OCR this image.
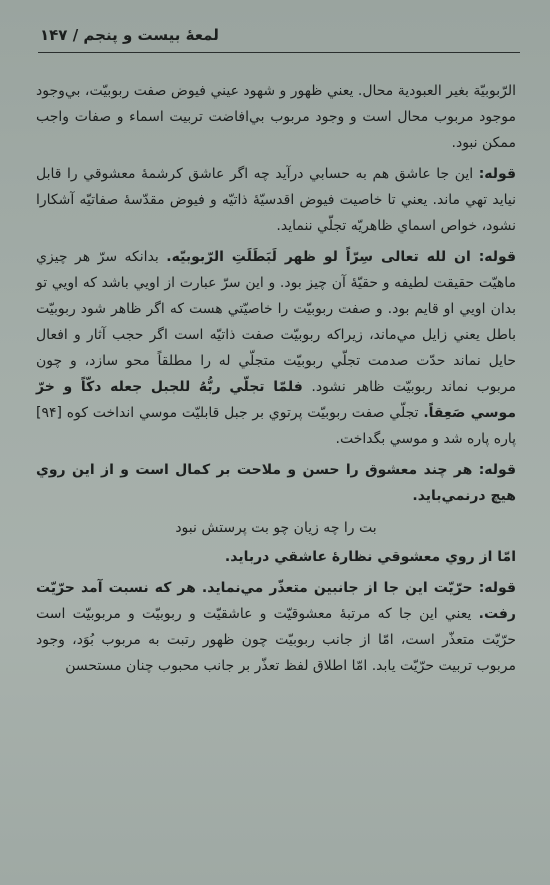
لمعهٔ بیست و پنجم / ۱۴۷

الرّبوبيّة بغير العبودية محال. يعني ظهور و شهود عيني فيوض صفت ربوبيّت، بي‌وجود موجود مربوب محال است و وجود مربوب بي‌افاضت تربيت اسماء و صفات واجب ممكن نبود.

قوله: اين جا عاشق هم به حسابي درآيد چه اگر عاشق كرشمهٔ معشوقي را قابل نيايد تهي ماند. يعني تا خاصيت فيوض اقدسيّهٔ ذاتيّه و فيوض مقدّسهٔ صفاتيّه آشكارا نشود، خواص اسماي ظاهريّه تجلّي ننمايد.

قوله: ان لله تعالى سِرّاً لو ظهر لَبَطَلَتِ الرّبوبيّه. بدانكه سرّ هر چيزي ماهيّت حقيقت لطيفه و حقيّهٔ آن چيز بود. و اين سرّ عبارت از اويي باشد كه اويي تو بدان اويي او قايم بود. و صفت ربوبيّت را خاصيّتي هست كه اگر ظاهر شود ربوبيّت باطل يعني زايل مي‌ماند، زيراكه ربوبيّت صفت ذاتيّه است اگر حجب آثار و افعال حايل نماند حدّت صدمت تجلّي ربوبيّت متجلّي له را مطلقاً محو سازد، و چون مربوب نماند ربوبيّت ظاهر نشود. فلمّا تجلّي ربُّهُ للجبل جعله دكّاً و خرّ موسي صَعِقاً. تجلّي صفت ربوبيّت پرتوي بر جبل قابليّت موسي انداخت كوه [۹۴] پاره پاره شد و موسي بگداخت.

قوله: هر چند معشوق را حسن و ملاحت بر كمال است و از اين روي هيچ درنمي‌بايد.

بت را چه زيان چو بت پرستش نبود

امّا از روي معشوقي نظارهٔ عاشقي دربايد.

قوله: حرّيّت اين جا از جانبين متعذّر مي‌نمايد. هر كه نسبت آمد حرّيّت رفت. يعني اين جا كه مرتبهٔ معشوقيّت و عاشقيّت و ربوبيّت و مربوبيّت است حرّيّت متعذّر است، امّا از جانب ربوبيّت چون ظهور رتبت به مربوب بُوَد، وجود مربوب تربيت حرّيّت يابد. امّا اطلاق لفظ تعذّر بر جانب محبوب چنان مستحسن
